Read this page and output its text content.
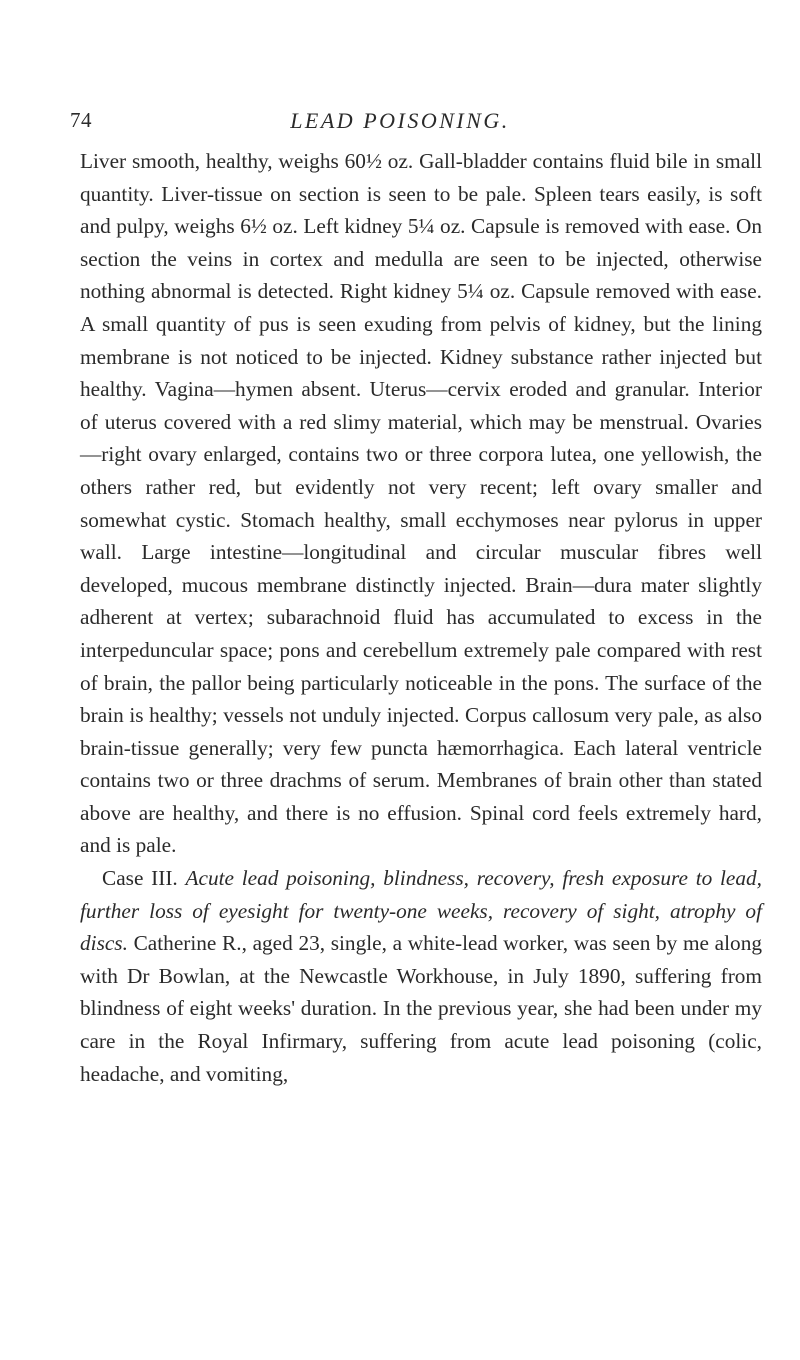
74	LEAD POISONING.

Liver smooth, healthy, weighs 60½ oz. Gall-bladder contains fluid bile in small quantity. Liver-tissue on section is seen to be pale. Spleen tears easily, is soft and pulpy, weighs 6½ oz. Left kidney 5¼ oz. Capsule is removed with ease. On section the veins in cortex and medulla are seen to be injected, otherwise nothing abnormal is detected. Right kidney 5¼ oz. Capsule removed with ease. A small quantity of pus is seen exuding from pelvis of kidney, but the lining membrane is not noticed to be injected. Kidney substance rather injected but healthy. Vagina—hymen absent. Uterus—cervix eroded and granular. Interior of uterus covered with a red slimy material, which may be menstrual. Ovaries—right ovary enlarged, contains two or three corpora lutea, one yellowish, the others rather red, but evidently not very recent; left ovary smaller and somewhat cystic. Stomach healthy, small ecchymoses near pylorus in upper wall. Large intestine—longitudinal and circular muscular fibres well developed, mucous membrane distinctly injected. Brain—dura mater slightly adherent at vertex; subarachnoid fluid has accumulated to excess in the interpeduncular space; pons and cerebellum extremely pale compared with rest of brain, the pallor being particularly noticeable in the pons. The surface of the brain is healthy; vessels not unduly injected. Corpus callosum very pale, as also brain-tissue generally; very few puncta hæmorrhagica. Each lateral ventricle contains two or three drachms of serum. Membranes of brain other than stated above are healthy, and there is no effusion. Spinal cord feels extremely hard, and is pale.

Case III. Acute lead poisoning, blindness, recovery, fresh exposure to lead, further loss of eyesight for twenty-one weeks, recovery of sight, atrophy of discs. Catherine R., aged 23, single, a white-lead worker, was seen by me along with Dr Bowlan, at the Newcastle Workhouse, in July 1890, suffering from blindness of eight weeks' duration. In the previous year, she had been under my care in the Royal Infirmary, suffering from acute lead poisoning (colic, headache, and vomiting,
